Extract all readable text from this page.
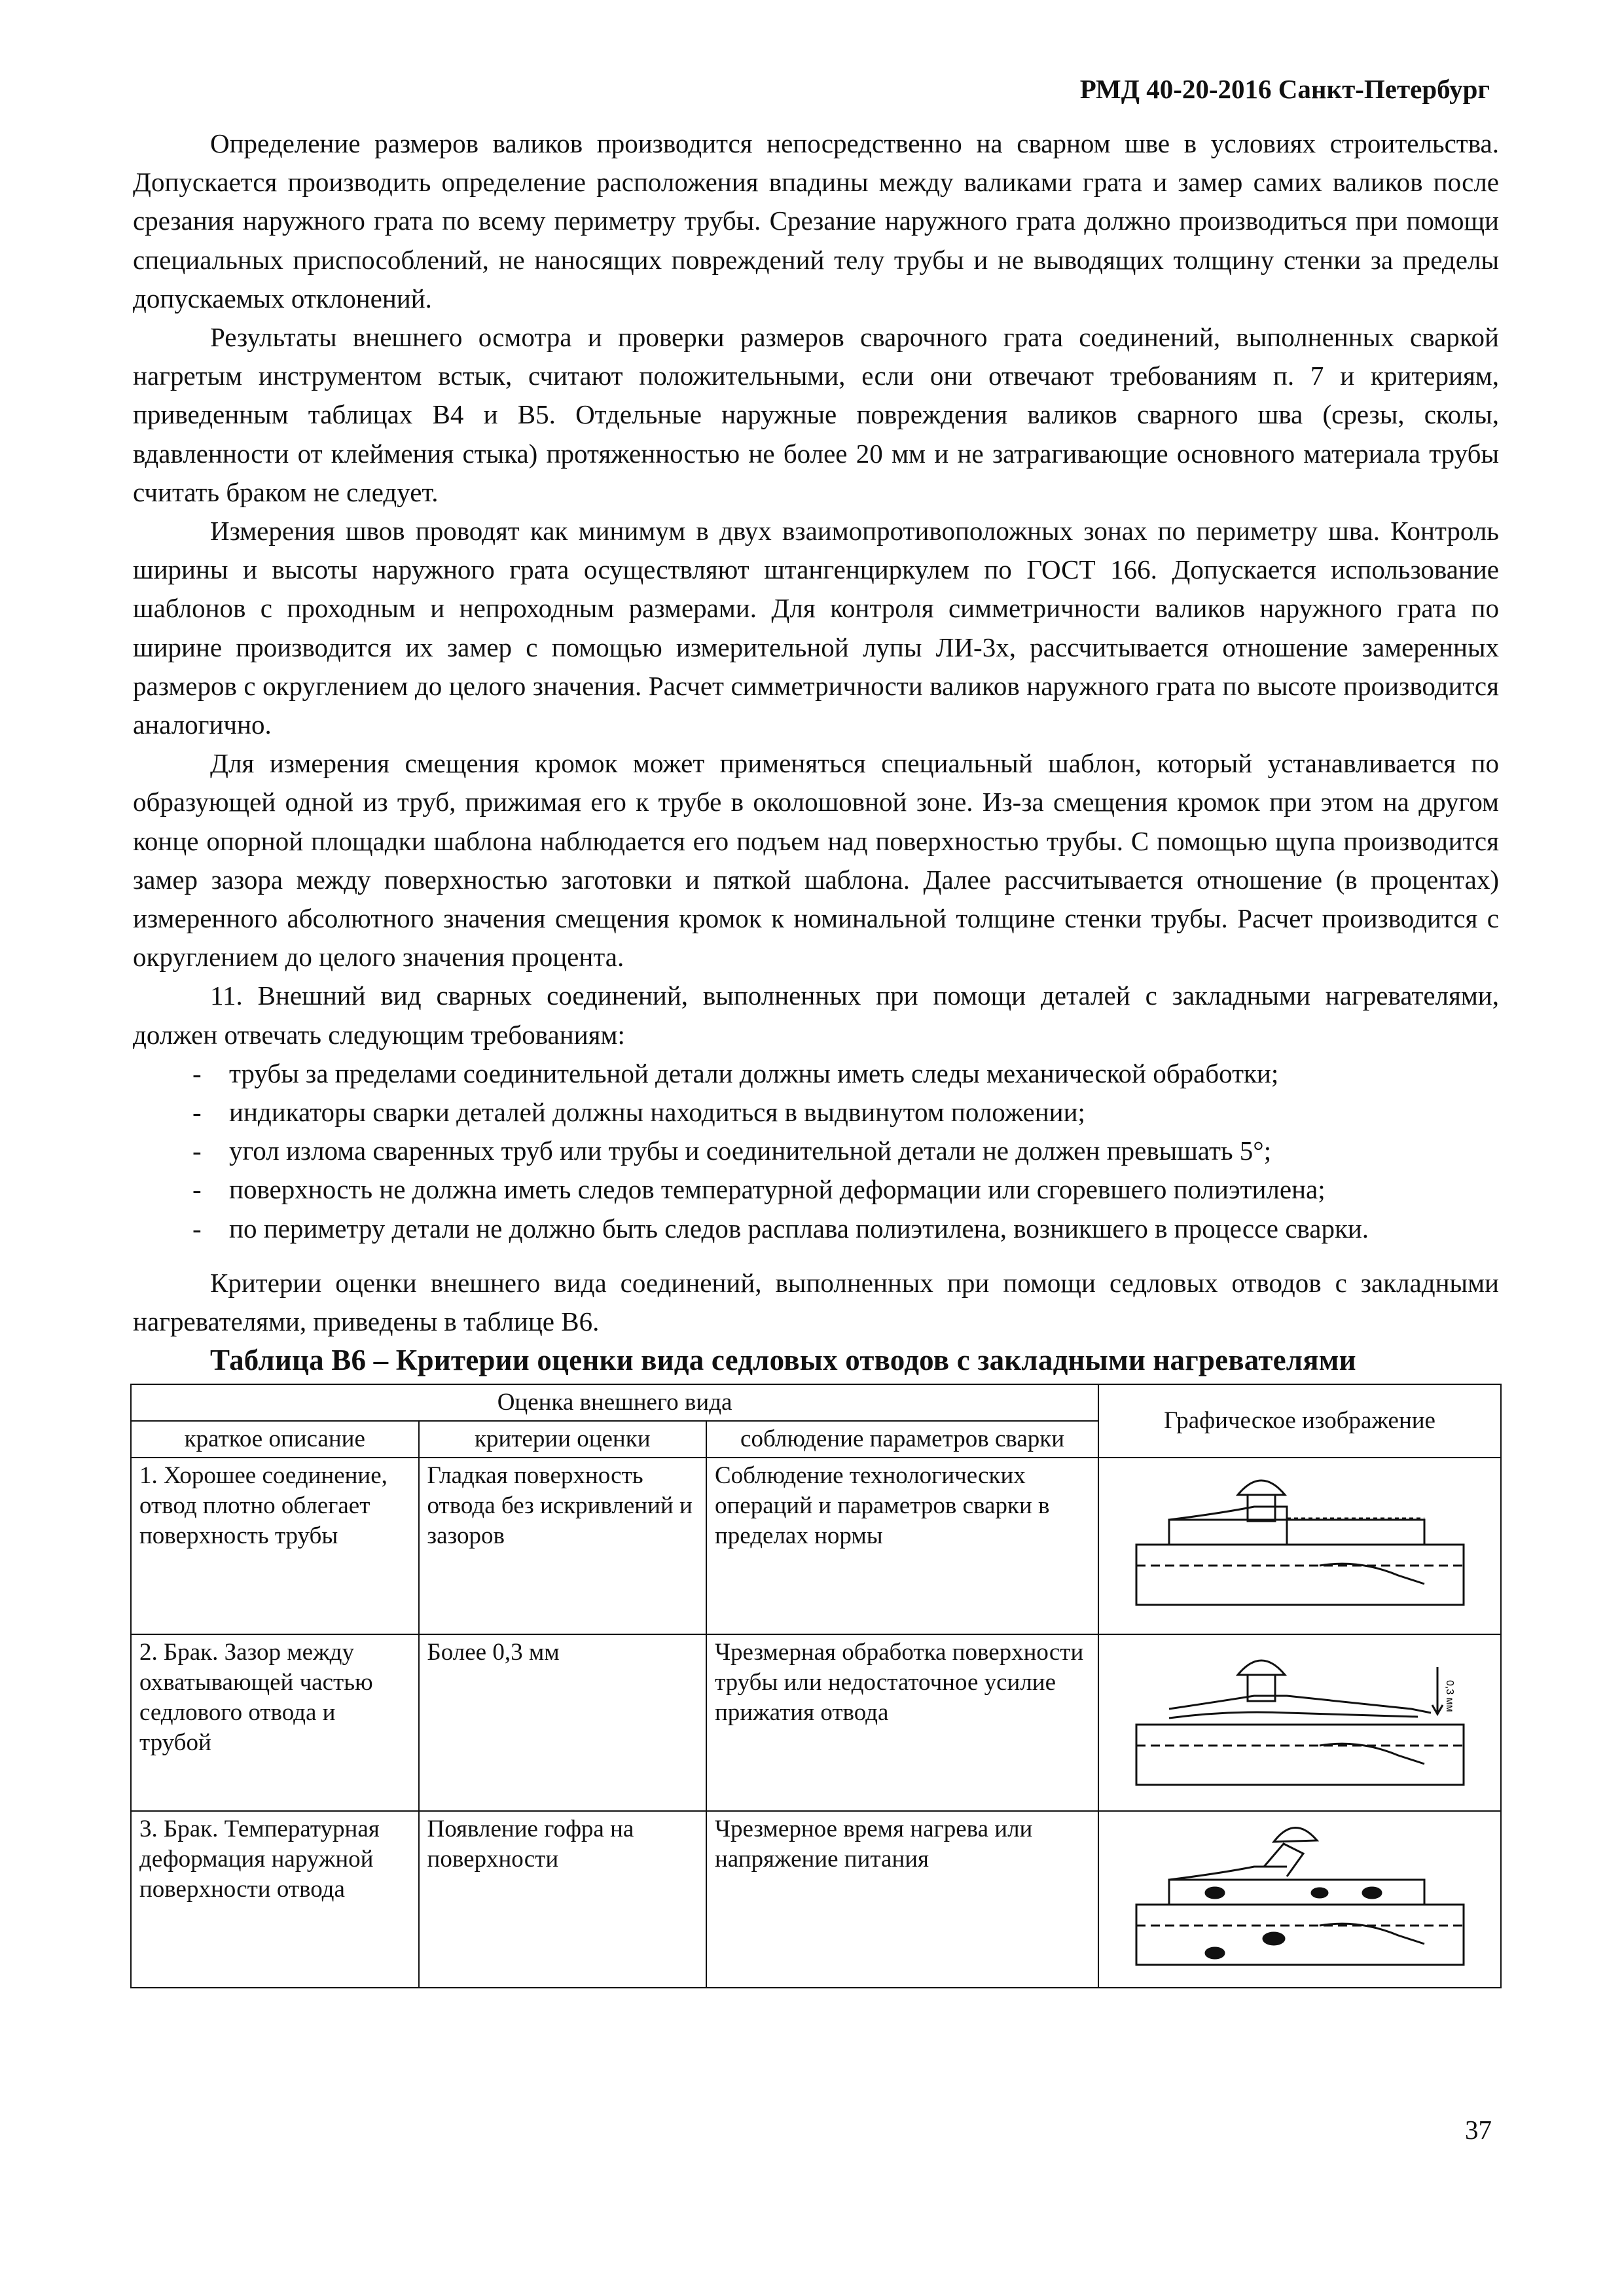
РМД 40-20-2016 Санкт-Петербург

Определение размеров валиков производится непосредственно на сварном шве в условиях строительства. Допускается производить определение расположения впадины между валиками грата и замер самих валиков после срезания наружного грата по всему периметру трубы. Срезание наружного грата должно производиться при помощи специальных приспособлений, не наносящих повреждений телу трубы и не выводящих толщину стенки за пределы допускаемых отклонений.

Результаты внешнего осмотра и проверки размеров сварочного грата соединений, выполненных сваркой нагретым инструментом встык, считают положительными, если они отвечают требованиям п. 7 и критериям, приведенным таблицах В4 и В5. Отдельные наружные повреждения валиков сварного шва (срезы, сколы, вдавленности от клеймения стыка) протяженностью не более 20 мм и не затрагивающие основного материала трубы считать браком не следует.

Измерения швов проводят как минимум в двух взаимопротивоположных зонах по периметру шва. Контроль ширины и высоты наружного грата осуществляют штангенциркулем по ГОСТ 166. Допускается использование шаблонов с проходным и непроходным размерами. Для контроля симметричности валиков наружного грата по ширине производится их замер с помощью измерительной лупы ЛИ-3х, рассчитывается отношение замеренных размеров с округлением до целого значения. Расчет симметричности валиков наружного грата по высоте производится аналогично.

Для измерения смещения кромок может применяться специальный шаблон, который устанавливается по образующей одной из труб, прижимая его к трубе в околошовной зоне. Из-за смещения кромок при этом на другом конце опорной площадки шаблона наблюдается его подъем над поверхностью трубы. С помощью щупа производится замер зазора между поверхностью заготовки и пяткой шаблона. Далее рассчитывается отношение (в процентах) измеренного абсолютного значения смещения кромок к номинальной толщине стенки трубы. Расчет производится с округлением до целого значения процента.

11. Внешний вид сварных соединений, выполненных при помощи деталей с закладными нагревателями, должен отвечать следующим требованиям:

- трубы за пределами соединительной детали должны иметь следы механической обработки;
- индикаторы сварки деталей должны находиться в выдвинутом положении;
- угол излома сваренных труб или трубы и соединительной детали не должен превышать 5°;
- поверхность не должна иметь следов температурной деформации или сгоревшего полиэтилена;
- по периметру детали не должно быть следов расплава полиэтилена, возникшего в процессе сварки.

Критерии оценки внешнего вида соединений, выполненных при помощи седловых отводов с закладными нагревателями, приведены в таблице В6.

Таблица В6 – Критерии оценки вида седловых отводов с закладными нагревателями

Оценка внешнего вида			Графическое изображение
краткое описание	критерии оценки	соблюдение параметров сварки	
1. Хорошее соединение, отвод плотно облегает поверхность трубы	Гладкая поверхность отвода без искривлений и зазоров	Соблюдение технологических операций и параметров сварки в пределах нормы	

2. Брак. Зазор между охватывающей частью седлового отвода и трубой	Более 0,3 мм	Чрезмерная обработка поверхности трубы или недостаточное усилие прижатия отвода	0,3 мм

3. Брак. Температурная деформация наружной поверхности отвода	Появление гофра на поверхности	Чрезмерное время нагрева или напряжение питания	
37
